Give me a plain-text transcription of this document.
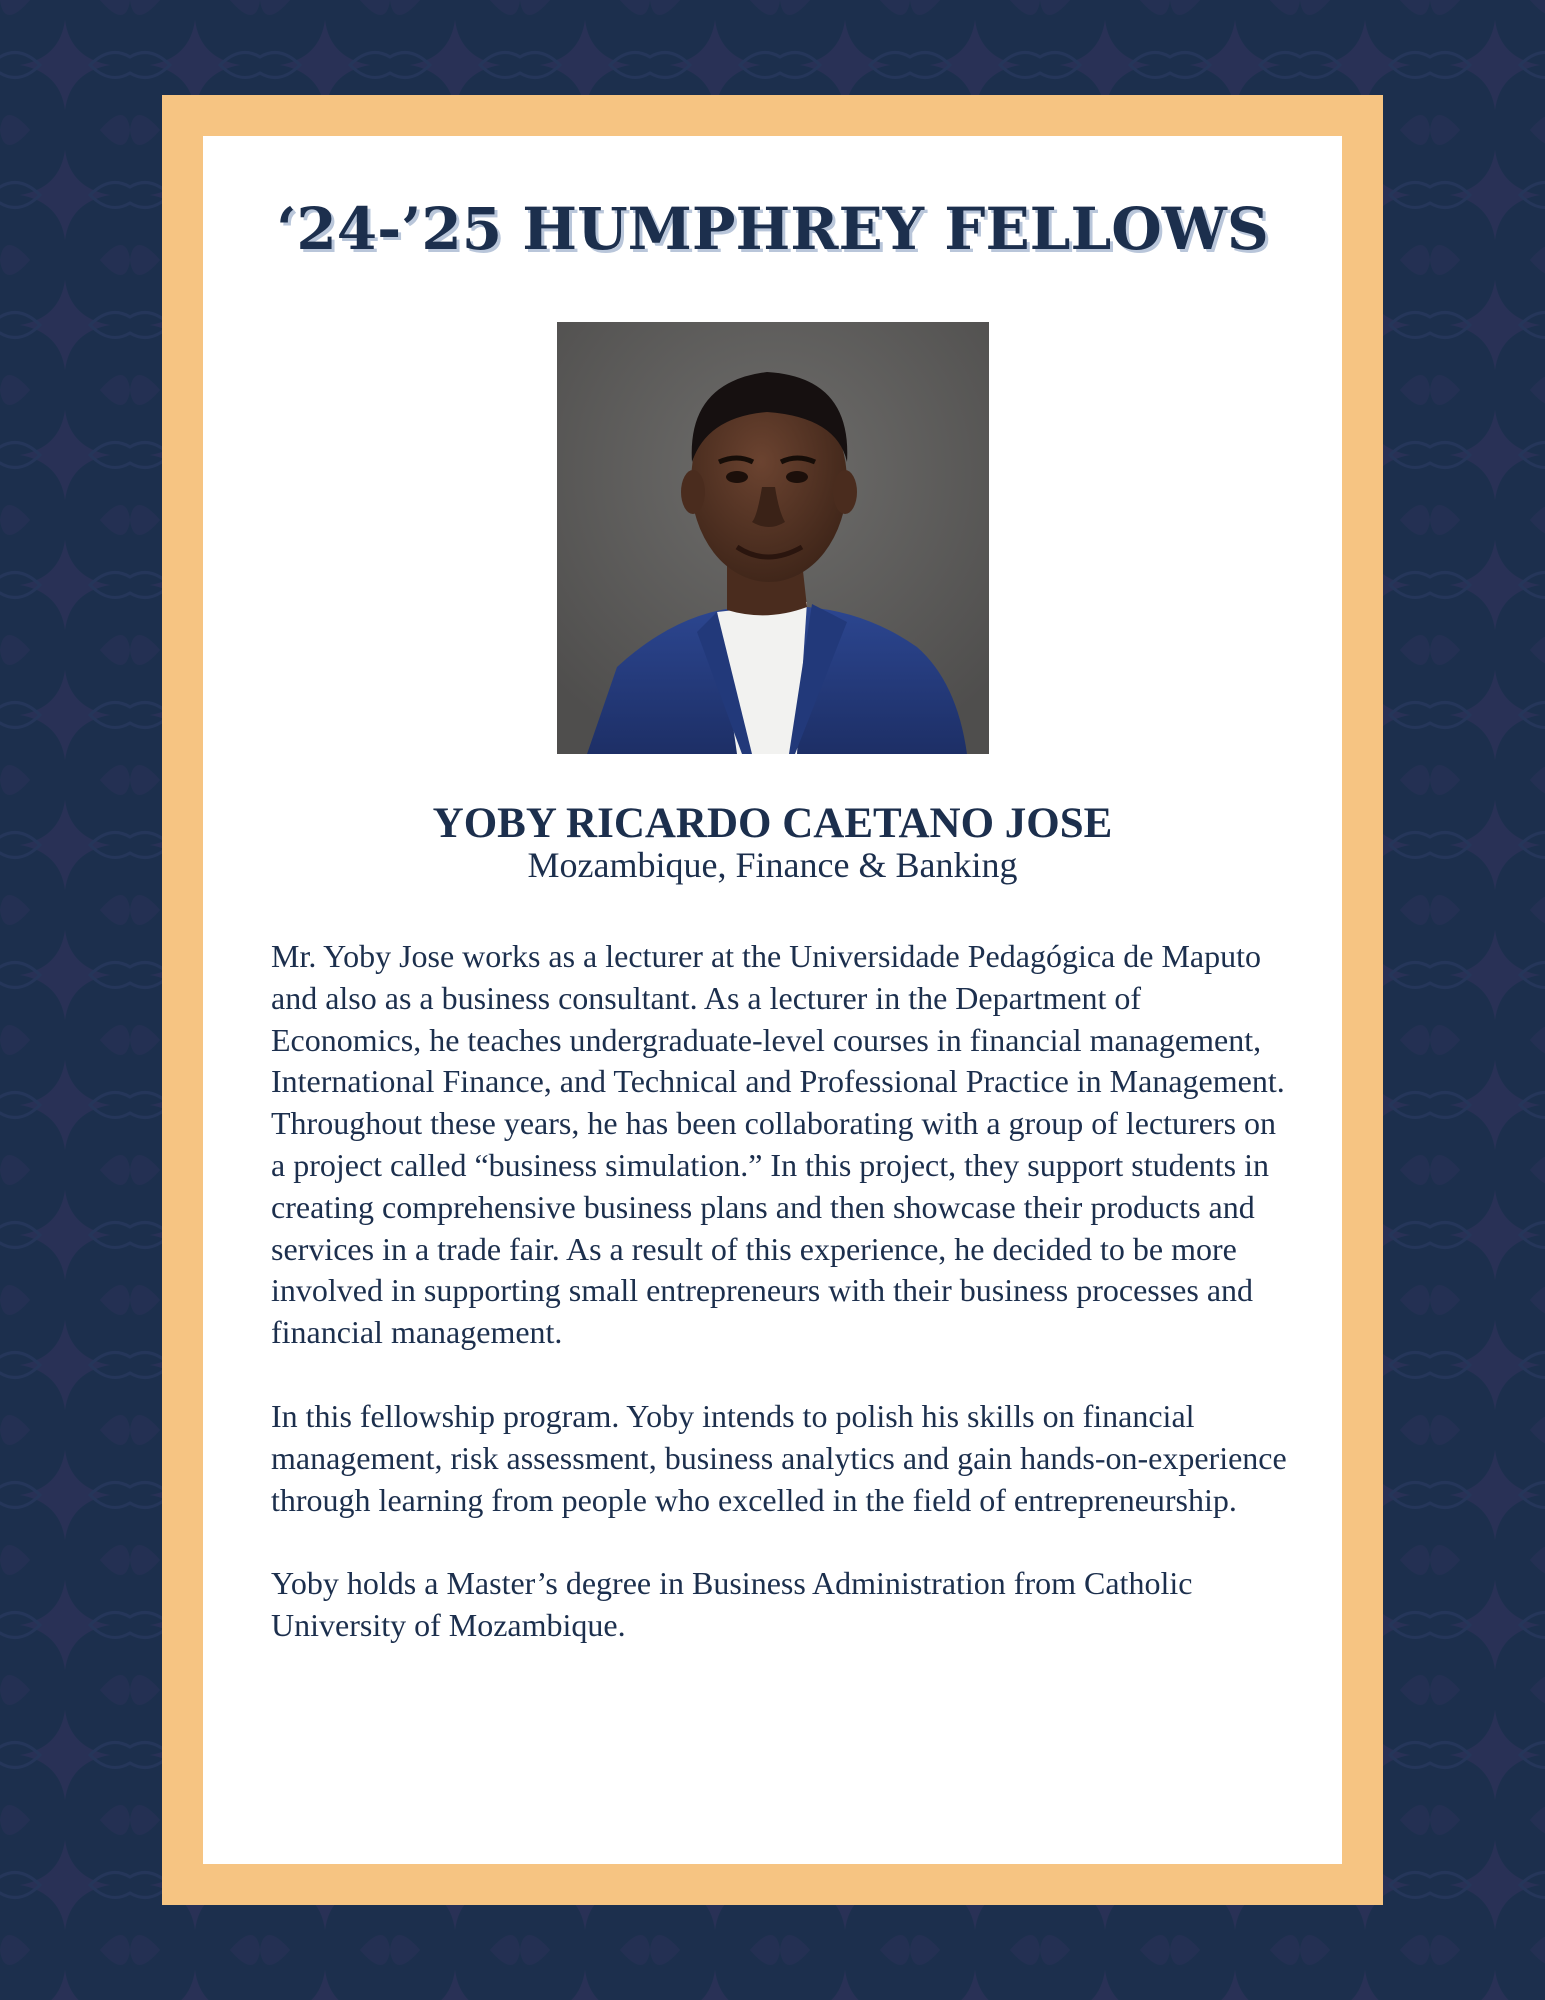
‘24-’25 HUMPHREY FELLOWS
YOBY RICARDO CAETANO JOSE
Mozambique, Finance & Banking

Mr. Yoby Jose works as a lecturer at the Universidade Pedagógica de Maputo and also as a business consultant. As a lecturer in the Department of Economics, he teaches undergraduate-level courses in financial management, International Finance, and Technical and Professional Practice in Management. Throughout these years, he has been collaborating with a group of lecturers on a project called “business simulation.” In this project, they support students in creating comprehensive business plans and then showcase their products and services in a trade fair. As a result of this experience, he decided to be more involved in supporting small entrepreneurs with their business processes and financial management.

In this fellowship program. Yoby intends to polish his skills on financial management, risk assessment, business analytics and gain hands-on-experience through learning from people who excelled in the field of entrepreneurship.

Yoby holds a Master’s degree in Business Administration from Catholic University of Mozambique.
